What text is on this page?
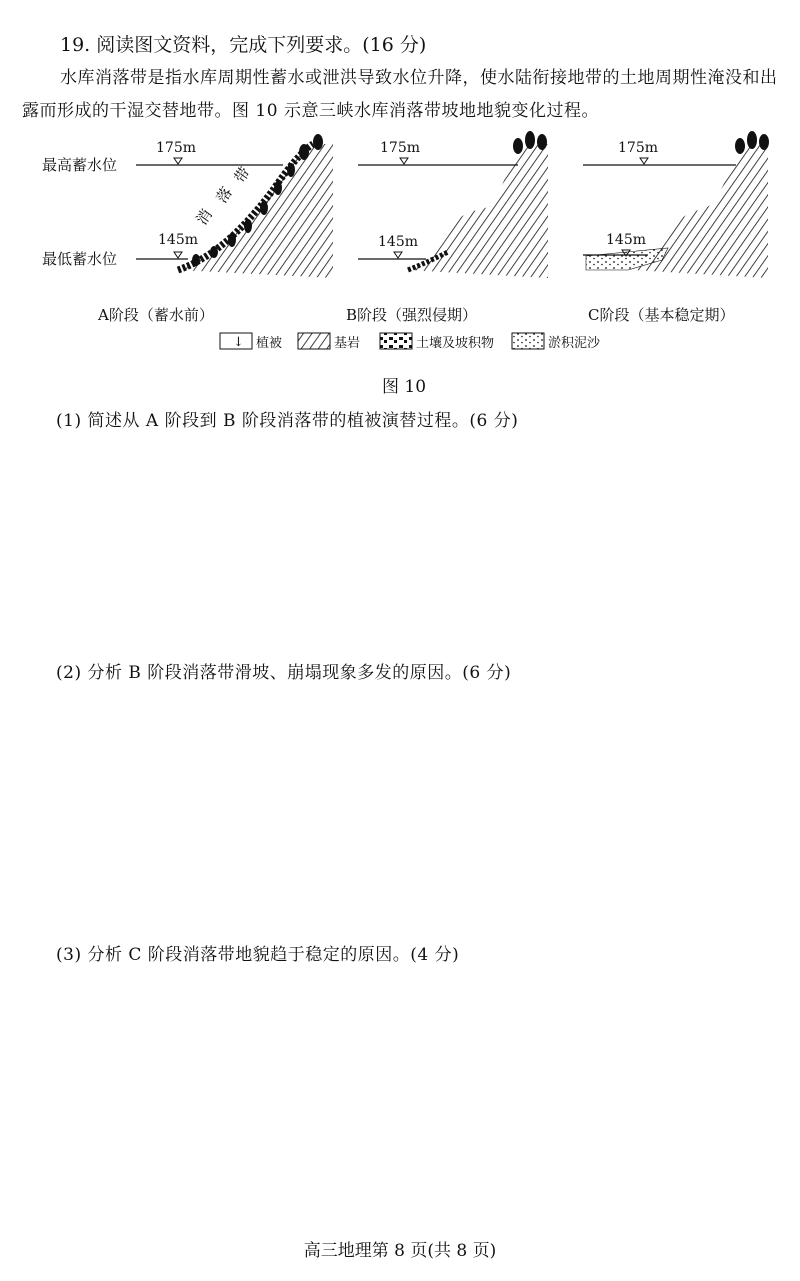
19. 阅读图文资料，完成下列要求。(16 分)
水库消落带是指水库周期性蓄水或泄洪导致水位升降，使水陆衔接地带的土地周期性淹没和出露而形成的干湿交替地带。图 10 示意三峡水库消落带坡地地貌变化过程。
最高蓄水位
最低蓄水位
175m
145m
消
落
带
A阶段（蓄水前）
175m
145m
B阶段（强烈侵期）
175m
145m
C阶段（基本稳定期）
↓ 植被	基岩	土壤及坡积物	淤积泥沙
图 10
(1) 简述从 A 阶段到 B 阶段消落带的植被演替过程。(6 分)
(2) 分析 B 阶段消落带滑坡、崩塌现象多发的原因。(6 分)
(3) 分析 C 阶段消落带地貌趋于稳定的原因。(4 分)
高三地理第 8 页(共 8 页)
